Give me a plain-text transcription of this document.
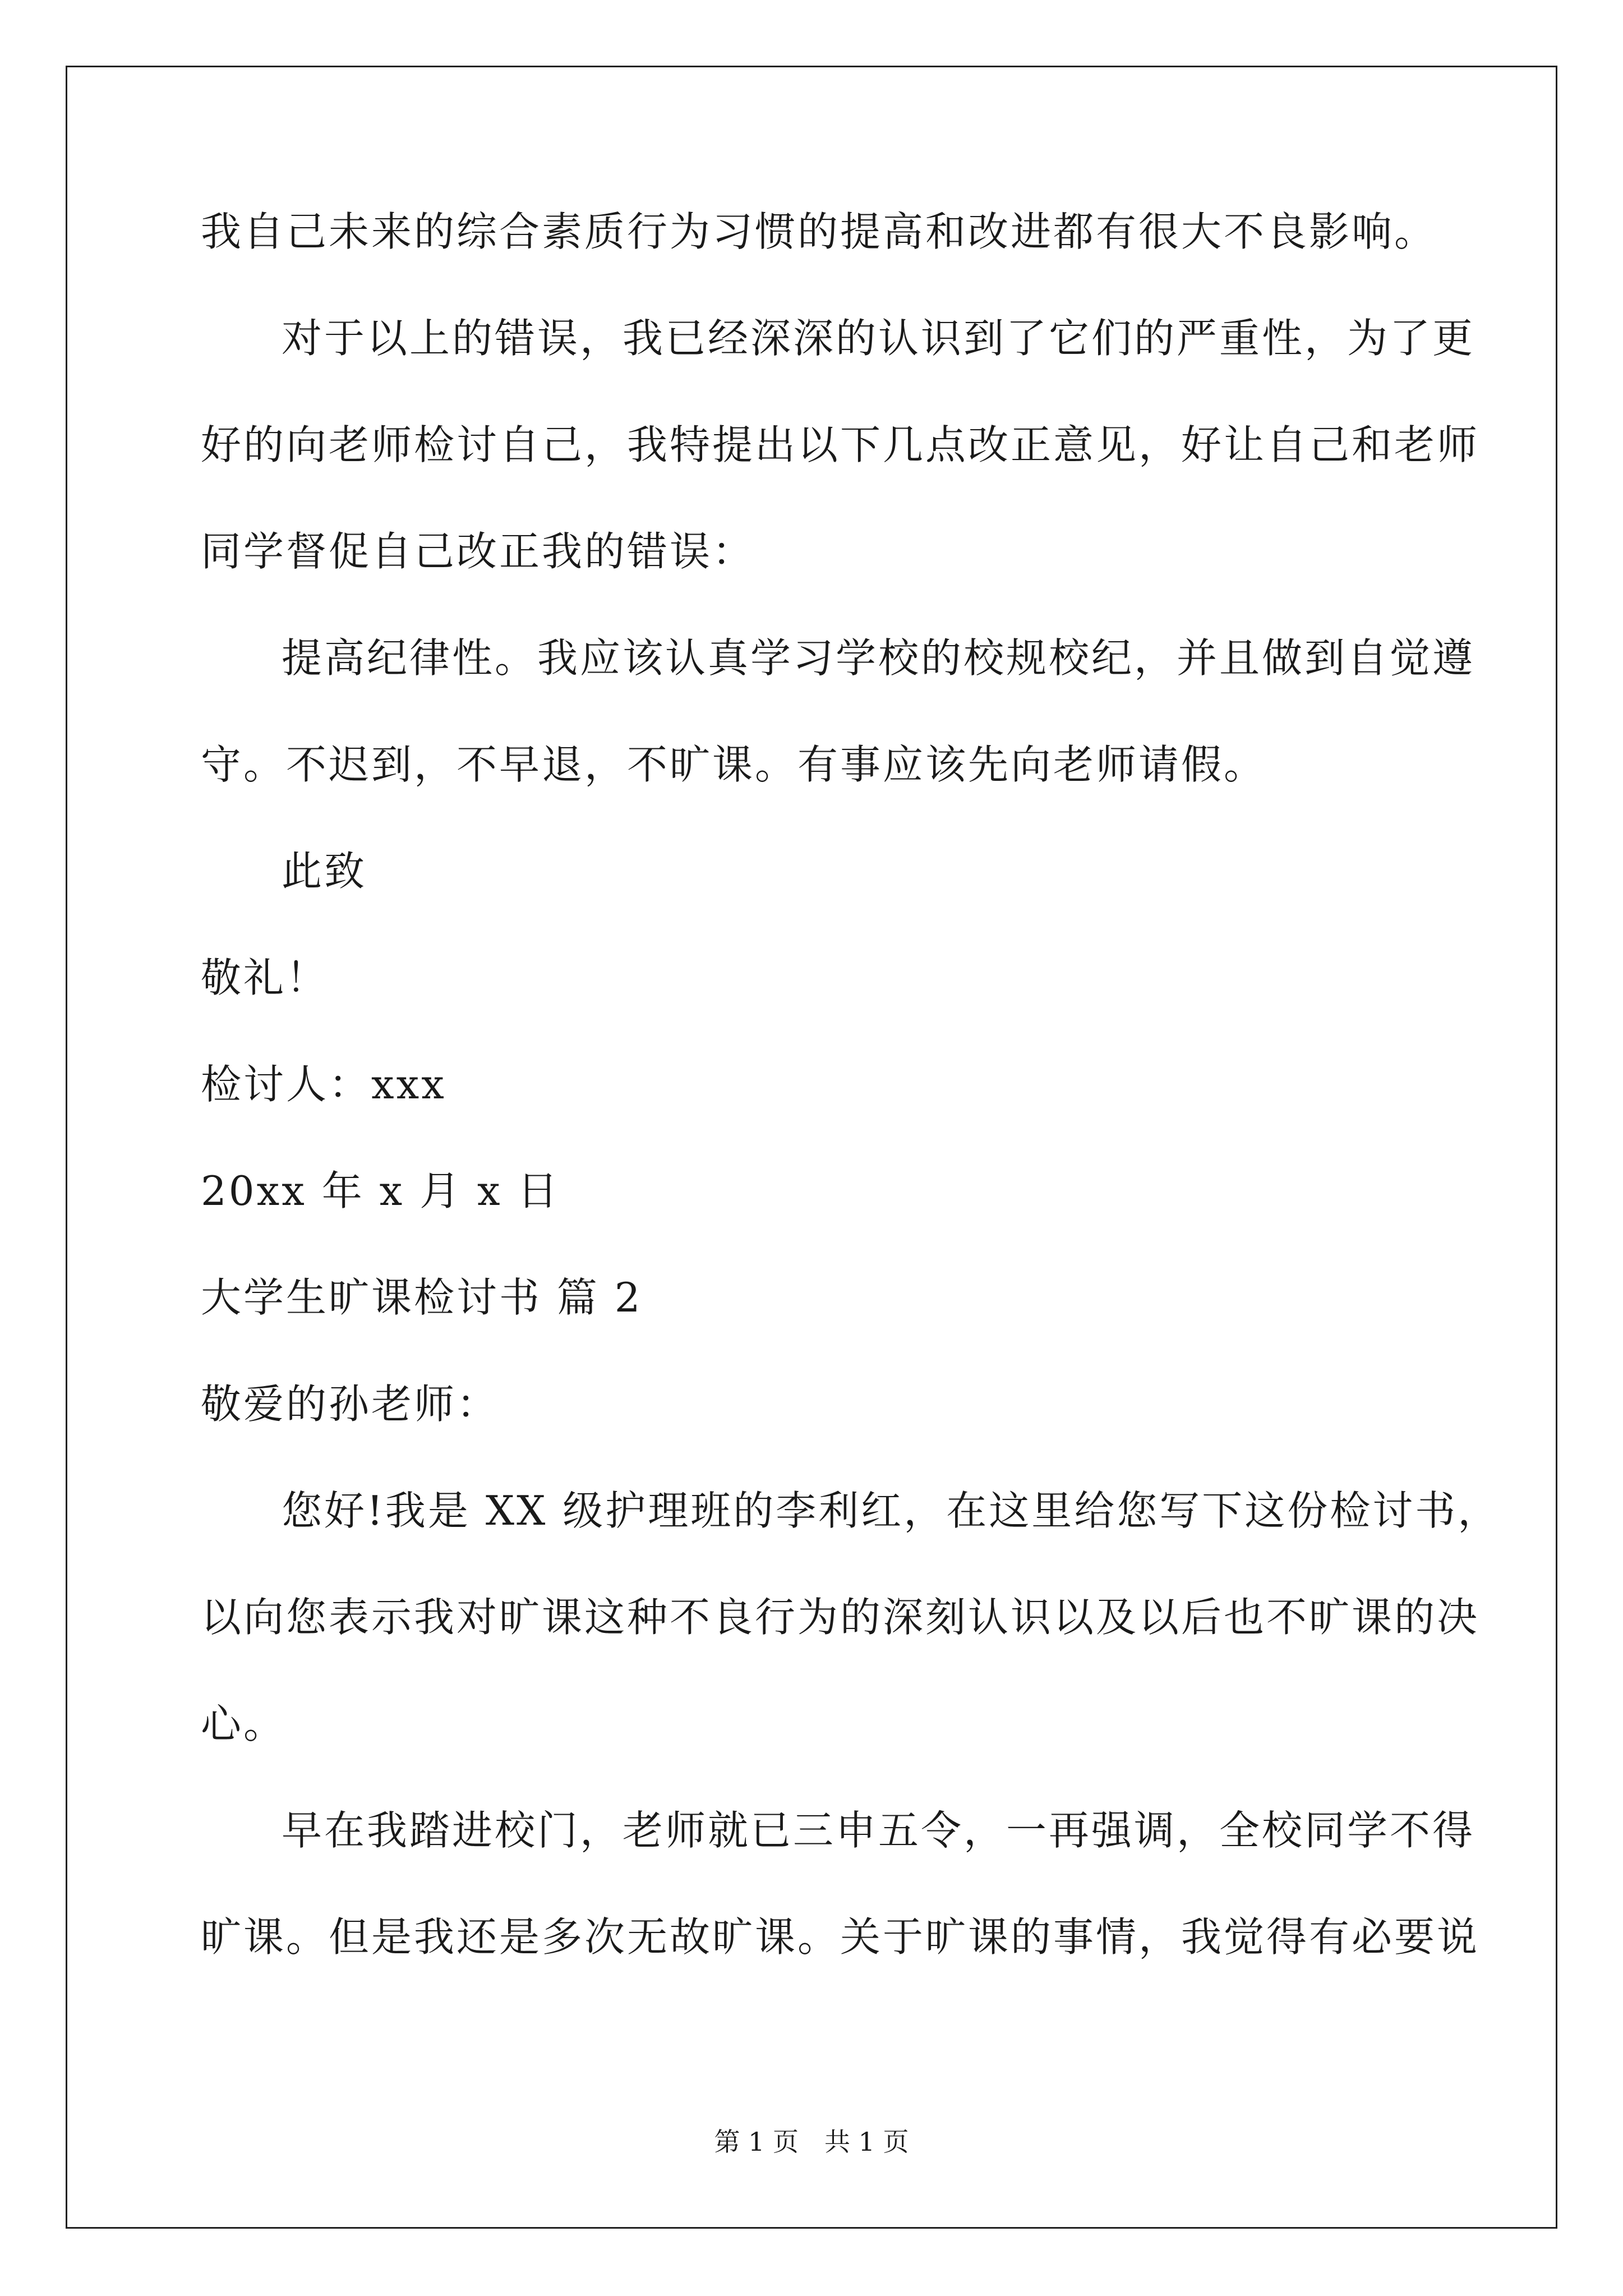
我自己未来的综合素质行为习惯的提高和改进都有很大不良影响。
对于以上的错误，我已经深深的认识到了它们的严重性，为了更
好的向老师检讨自己，我特提出以下几点改正意见，好让自己和老师
同学督促自己改正我的错误：
提高纪律性。我应该认真学习学校的校规校纪，并且做到自觉遵
守。不迟到，不早退，不旷课。有事应该先向老师请假。
此致
敬礼！
检讨人：xxx
20xx 年 x 月 x 日
大学生旷课检讨书 篇 2
敬爱的孙老师：
您好!我是 XX 级护理班的李利红，在这里给您写下这份检讨书，
以向您表示我对旷课这种不良行为的深刻认识以及以后也不旷课的决
心。
早在我踏进校门，老师就已三申五令，一再强调，全校同学不得
旷课。但是我还是多次无故旷课。关于旷课的事情，我觉得有必要说
第 1 页 共 1 页
